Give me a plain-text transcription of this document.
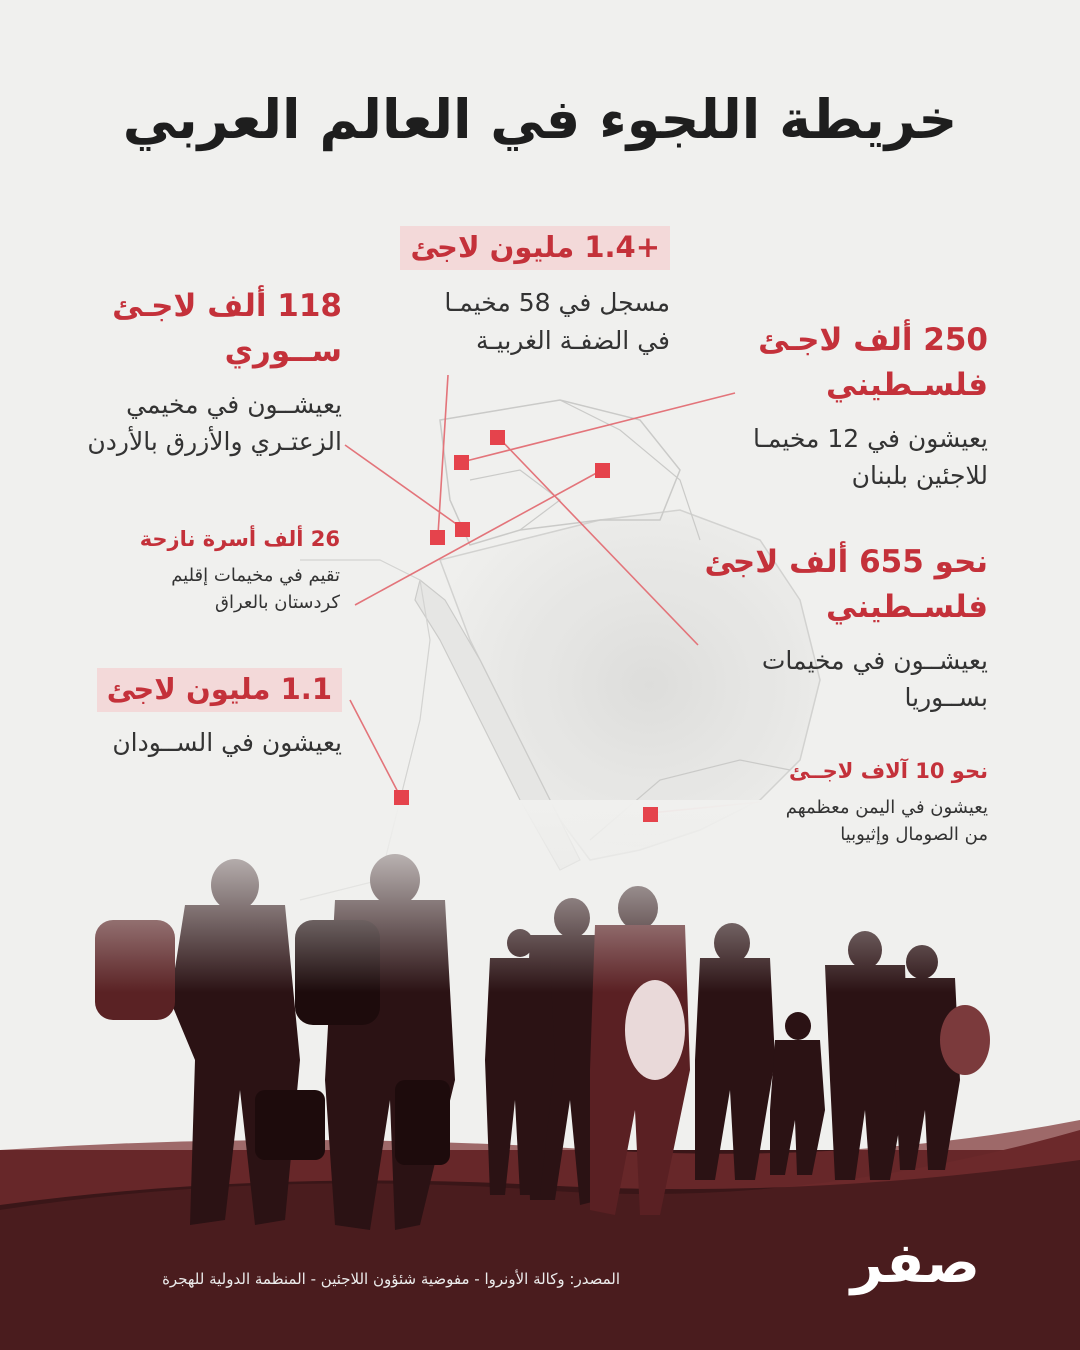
خريطة اللجوء في العالم العربي
+1.4 مليون لاجئ
مسجل في 58 مخيمـا
في الضفـة الغربيـة
118 ألف لاجـئ
ســوري
يعيشــون في مخيمي
الزعتـري والأزرق بالأردن
250 ألف لاجـئ
فلسـطيني
يعيشون في 12 مخيمـا
للاجئين بلبنان
26 ألف أسرة نازحة
تقيم في مخيمات إقليم
كردستان بالعراق
نحو 655 ألف لاجئ
فلسـطيني
يعيشــون في مخيمات
بســوريا
1.1 مليون لاجئ
يعيشون في الســودان
نحو 10 آلاف لاجــئ
يعيشون في اليمن معظمهم
من الصومال وإثيوبيا
المصدر: وكالة الأونروا - مفوضية شئؤون اللاجئين - المنظمة الدولية للهجرة	صفر
